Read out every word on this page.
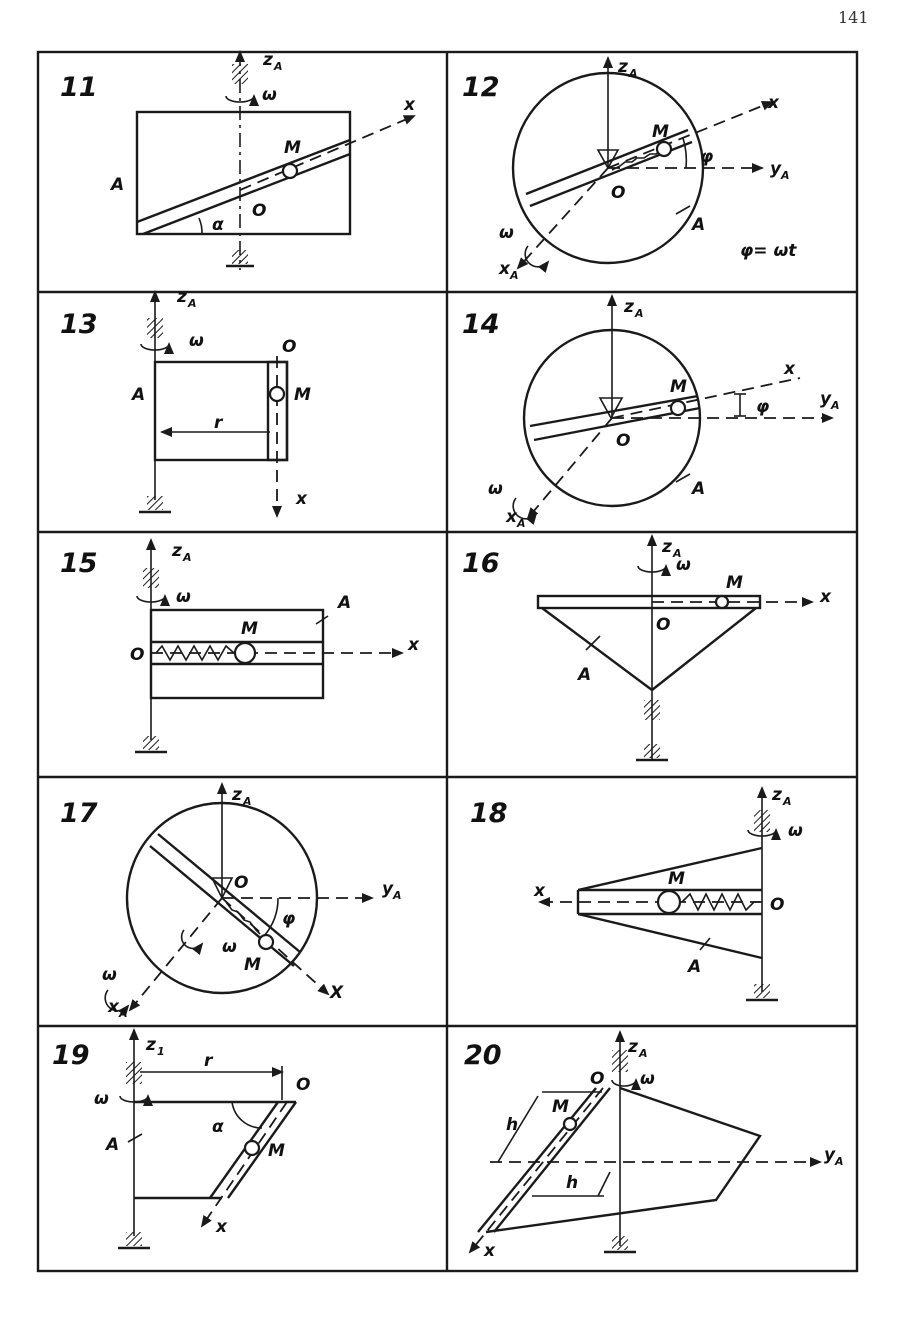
141
11
z A
ω	x
M
A
O
α
12
z A
x
M
φ
y A
O
A
ω
x A
φ= ωt
13
z A
ω	O
A	M
r
x
14
z A
M
x
φ	y A
O
A
ω
x A
15	z A
ω	A
M
O	x
16
z A
ω
M
x
O
A
17
z A
O	y A
φ
ω
M
X
ω
x A
18
z A
ω
x
M
O
A
19	z 1 r
O
ω
α
A	M
x
20	z A
O ω
h
M
y A
h
x
